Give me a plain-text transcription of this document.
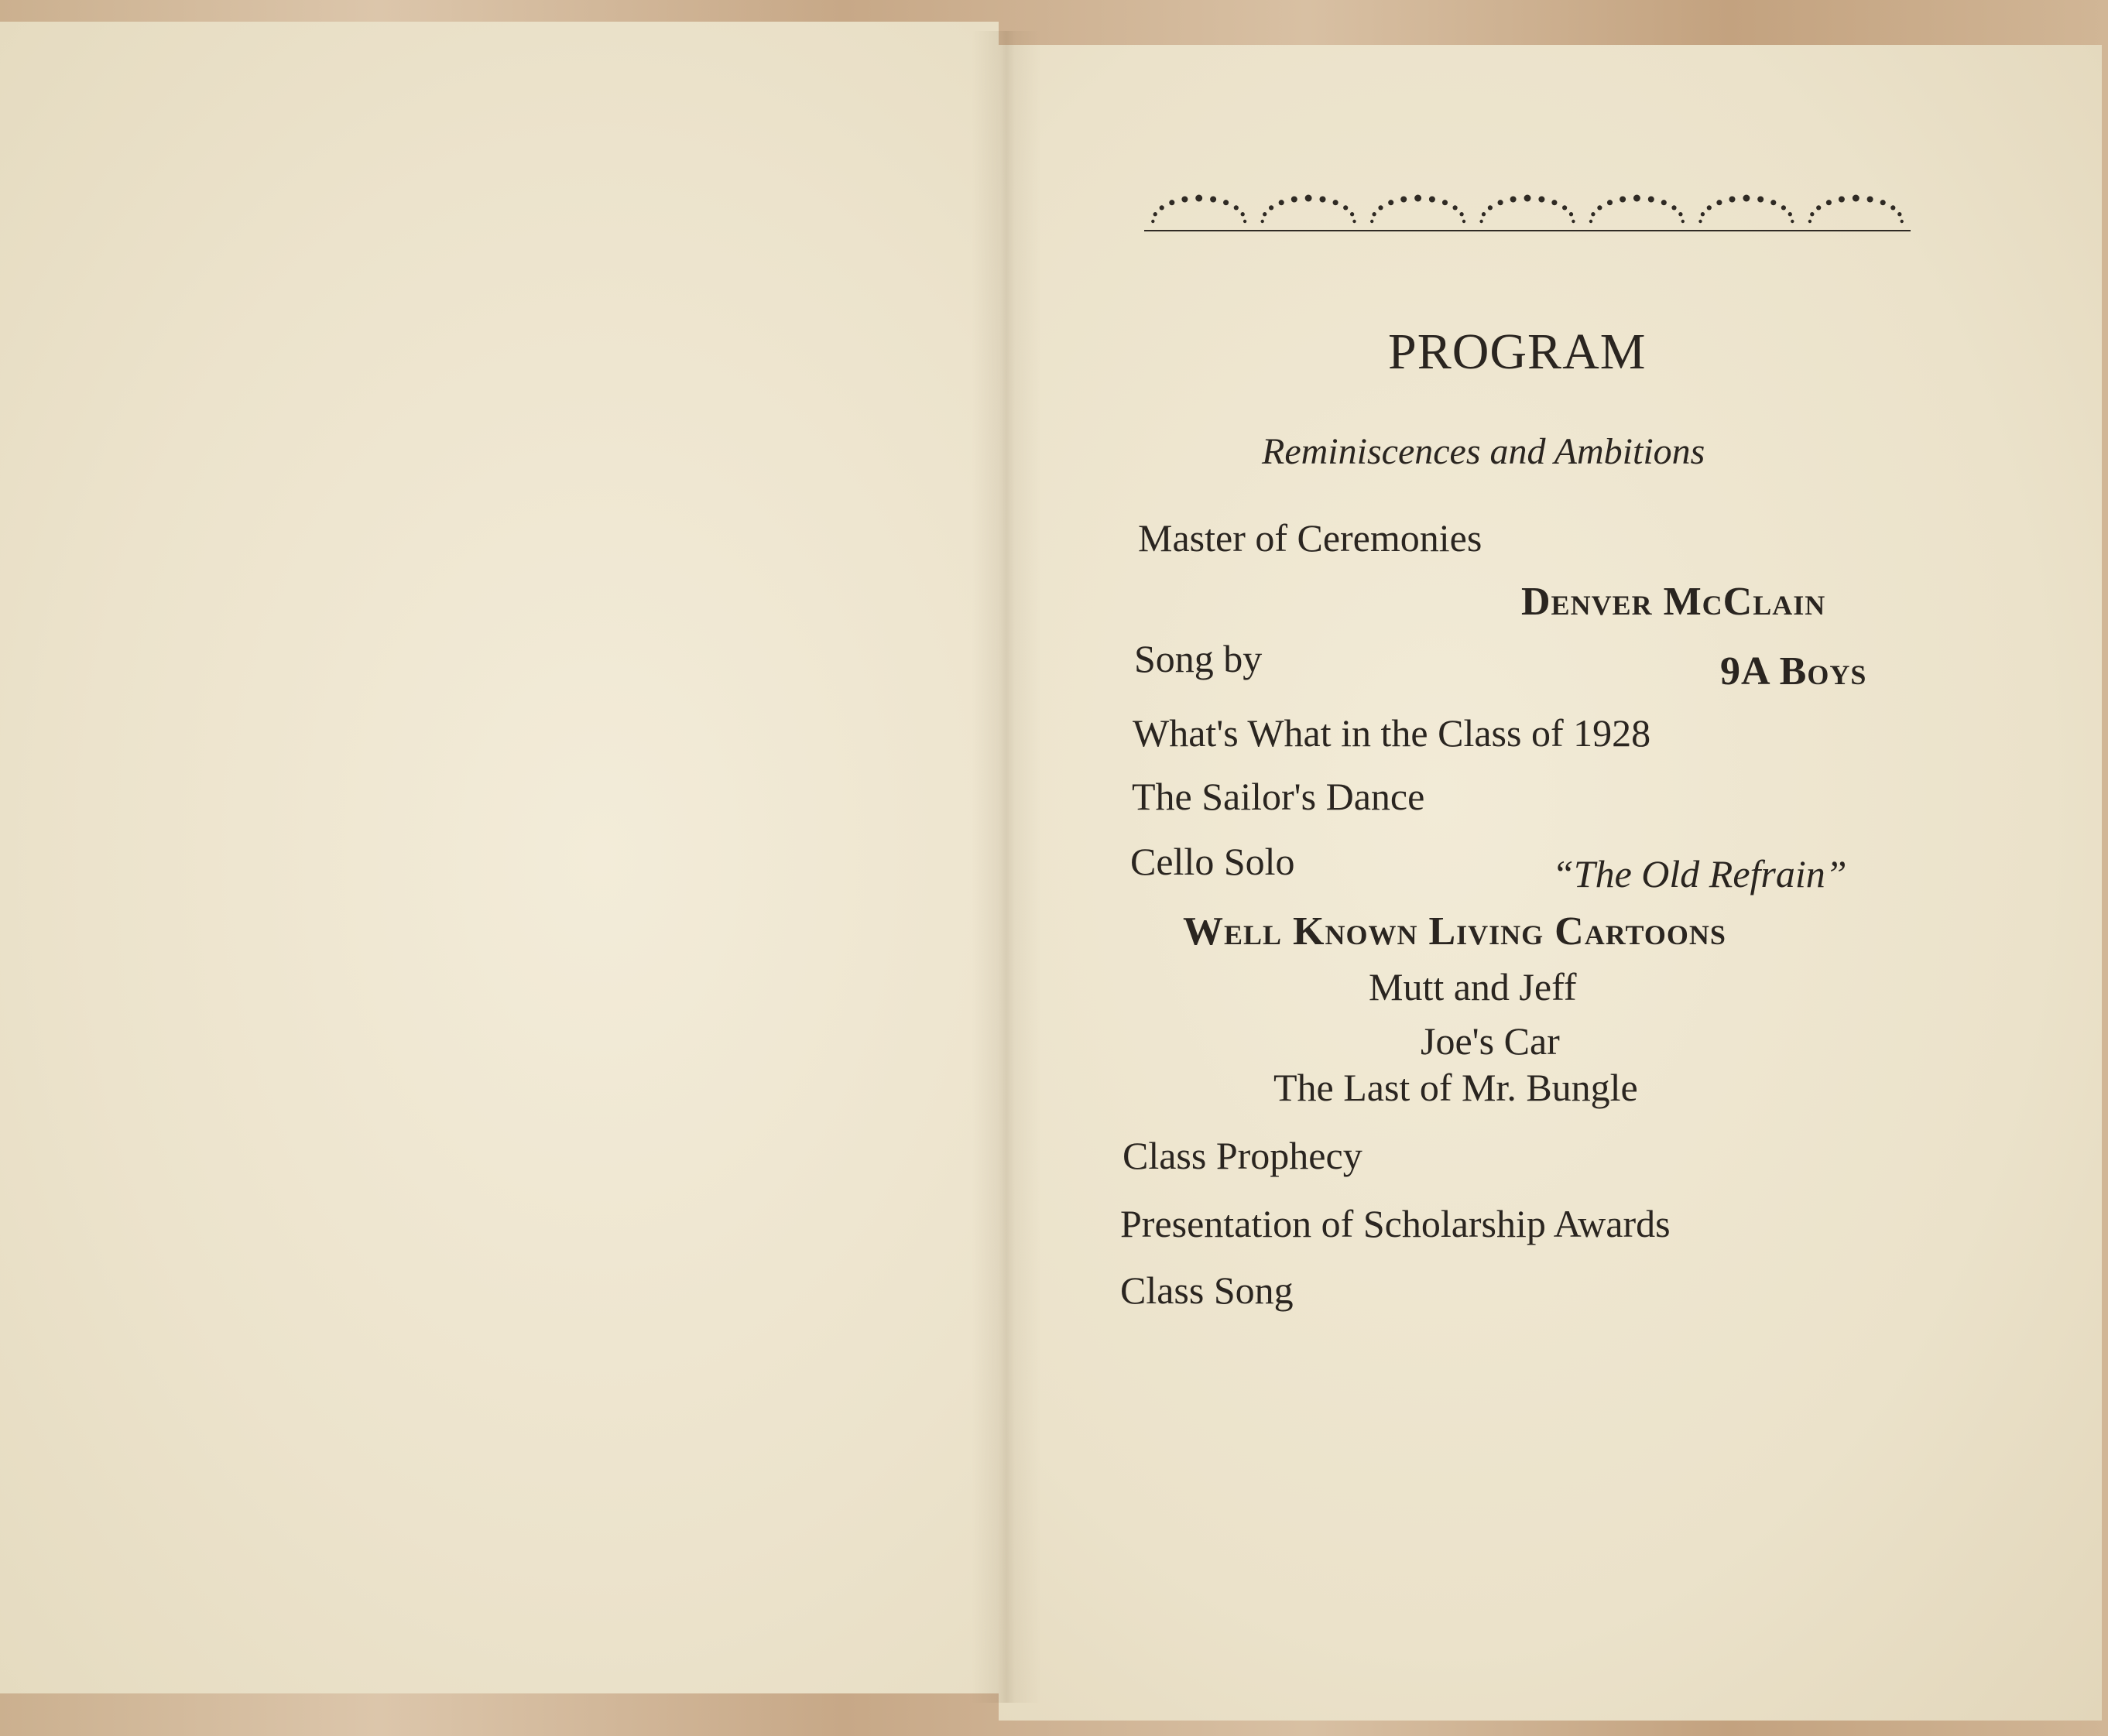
PROGRAM
Reminiscences and Ambitions
Master of Ceremonies
Denver McClain
Song by	9A Boys
What's What in the Class of 1928
The Sailor's Dance
Cello Solo	“The Old Refrain”
Well Known Living Cartoons
Mutt and Jeff
Joe's Car
The Last of Mr. Bungle
Class Prophecy
Presentation of Scholarship Awards
Class Song
